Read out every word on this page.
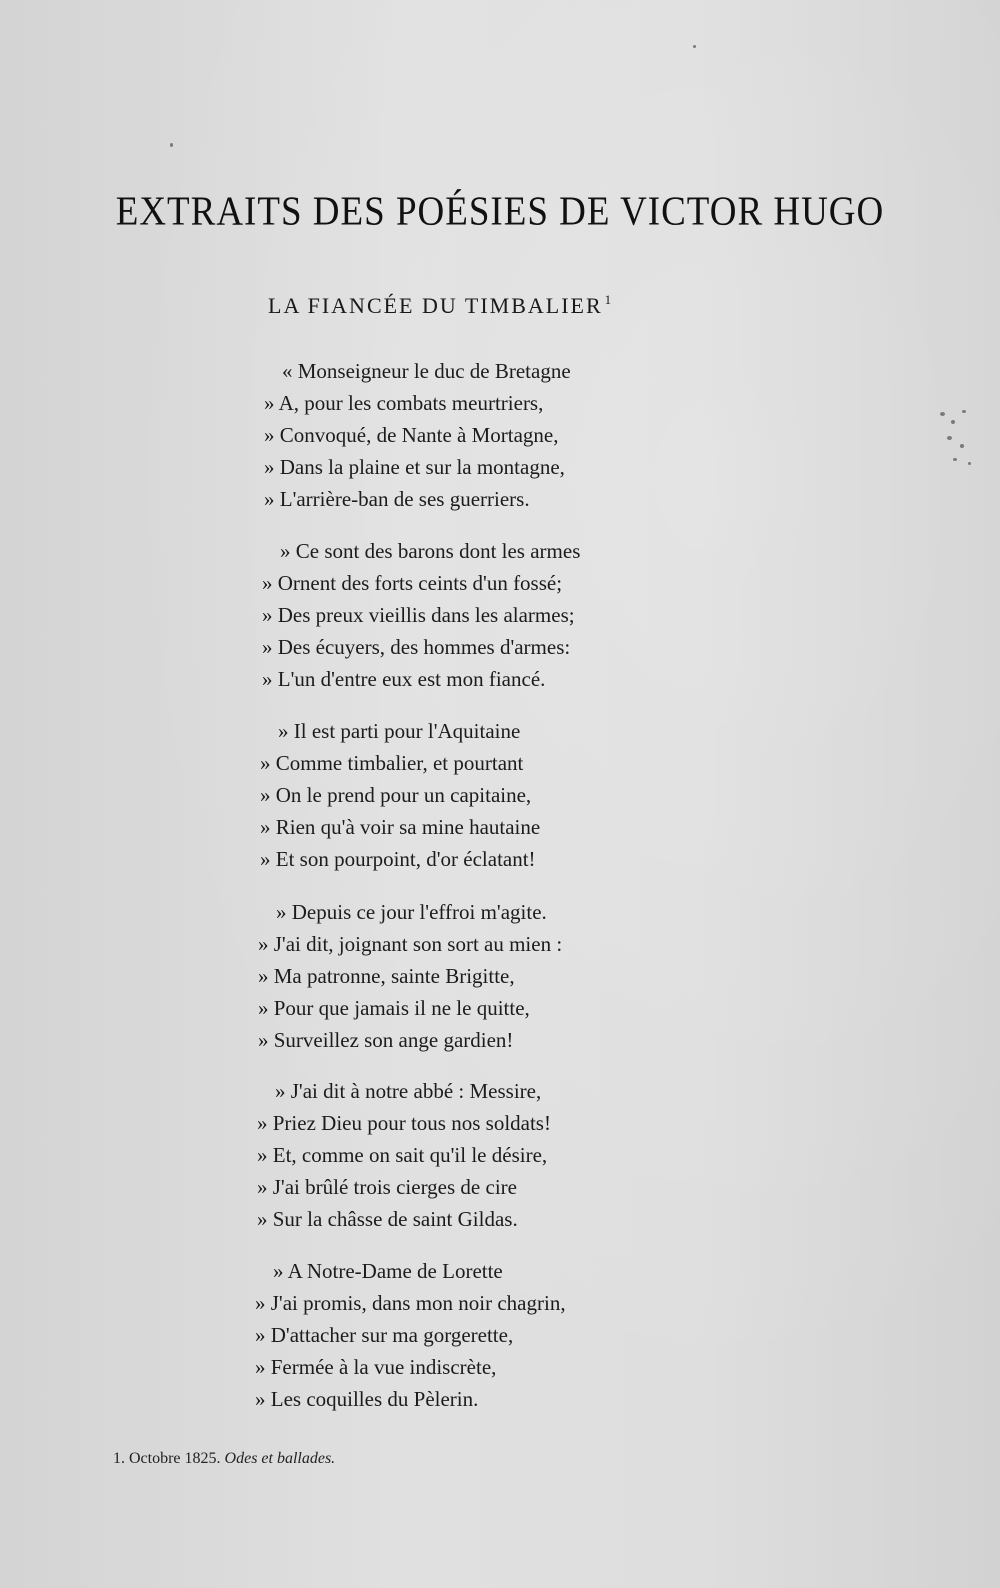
EXTRAITS DES POÉSIES DE VICTOR HUGO
LA FIANCÉE DU TIMBALIER $^1$
« Monseigneur le duc de Bretagne
» A, pour les combats meurtriers,
» Convoqué, de Nante à Mortagne,
» Dans la plaine et sur la montagne,
» L'arrière-ban de ses guerriers.
» Ce sont des barons dont les armes
» Ornent des forts ceints d'un fossé;
» Des preux vieillis dans les alarmes;
» Des écuyers, des hommes d'armes:
» L'un d'entre eux est mon fiancé.
» Il est parti pour l'Aquitaine
» Comme timbalier, et pourtant
» On le prend pour un capitaine,
» Rien qu'à voir sa mine hautaine
» Et son pourpoint, d'or éclatant!
» Depuis ce jour l'effroi m'agite.
» J'ai dit, joignant son sort au mien :
» Ma patronne, sainte Brigitte,
» Pour que jamais il ne le quitte,
» Surveillez son ange gardien!
» J'ai dit à notre abbé : Messire,
» Priez Dieu pour tous nos soldats!
» Et, comme on sait qu'il le désire,
» J'ai brûlé trois cierges de cire
» Sur la châsse de saint Gildas.
» A Notre-Dame de Lorette
» J'ai promis, dans mon noir chagrin,
» D'attacher sur ma gorgerette,
» Fermée à la vue indiscrète,
» Les coquilles du Pèlerin.
1. Octobre 1825. Odes et ballades.
